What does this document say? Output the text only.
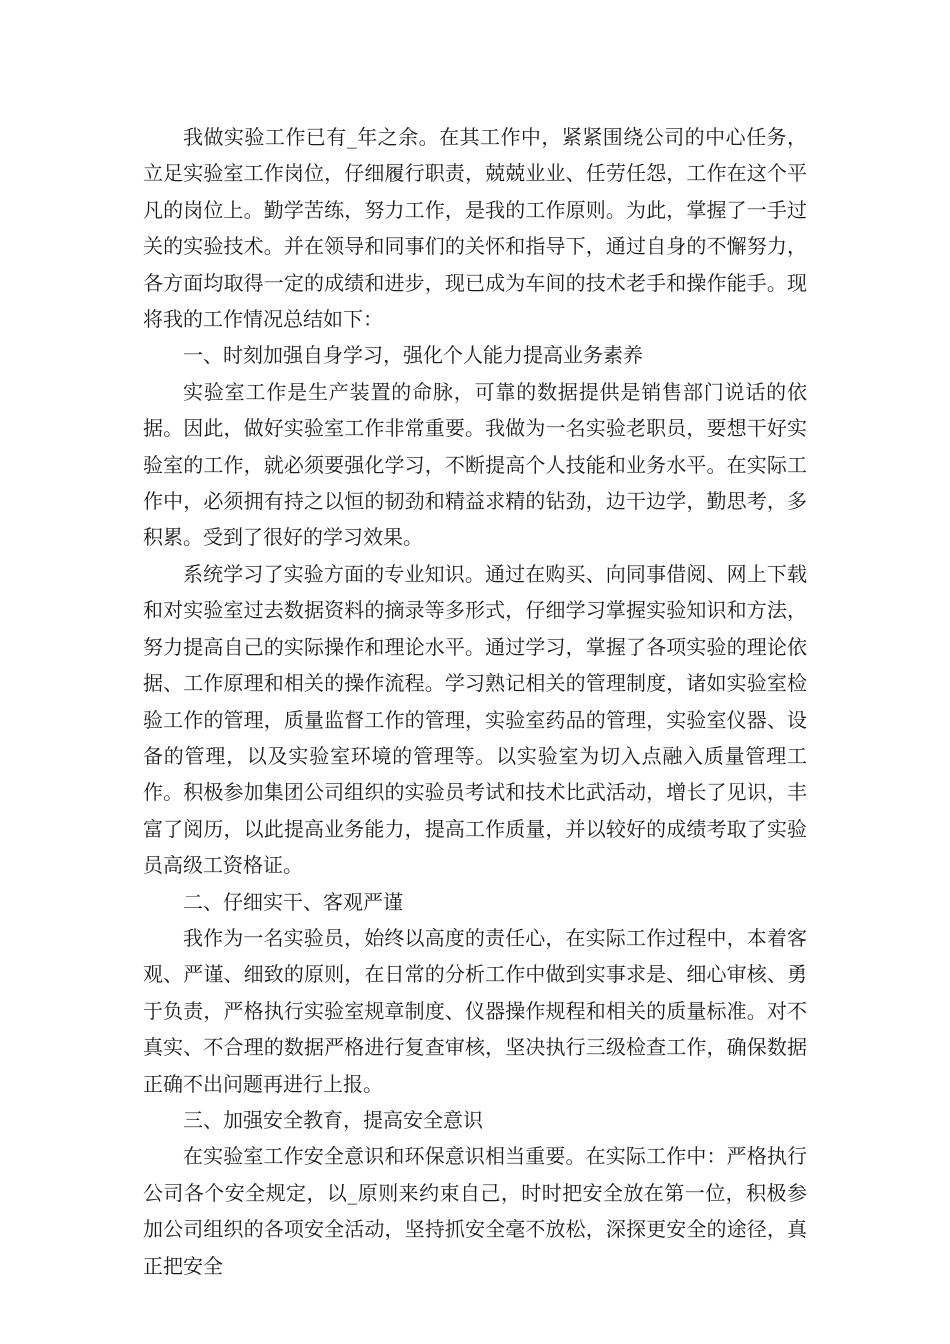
我做实验工作已有_年之余。在其工作中，紧紧围绕公司的中心任务，立足实验室工作岗位，仔细履行职责，兢兢业业、任劳任怨，工作在这个平凡的岗位上。勤学苦练，努力工作，是我的工作原则。为此，掌握了一手过关的实验技术。并在领导和同事们的关怀和指导下，通过自身的不懈努力，各方面均取得一定的成绩和进步，现已成为车间的技术老手和操作能手。现将我的工作情况总结如下：

一、时刻加强自身学习，强化个人能力提高业务素养

实验室工作是生产装置的命脉，可靠的数据提供是销售部门说话的依据。因此，做好实验室工作非常重要。我做为一名实验老职员，要想干好实验室的工作，就必须要强化学习，不断提高个人技能和业务水平。在实际工作中，必须拥有持之以恒的韧劲和精益求精的钻劲，边干边学，勤思考，多积累。受到了很好的学习效果。

系统学习了实验方面的专业知识。通过在购买、向同事借阅、网上下载和对实验室过去数据资料的摘录等多形式，仔细学习掌握实验知识和方法，努力提高自己的实际操作和理论水平。通过学习，掌握了各项实验的理论依据、工作原理和相关的操作流程。学习熟记相关的管理制度，诸如实验室检验工作的管理，质量监督工作的管理，实验室药品的管理，实验室仪器、设备的管理，以及实验室环境的管理等。以实验室为切入点融入质量管理工作。积极参加集团公司组织的实验员考试和技术比武活动，增长了见识，丰富了阅历，以此提高业务能力，提高工作质量，并以较好的成绩考取了实验员高级工资格证。

二、仔细实干、客观严谨

我作为一名实验员，始终以高度的责任心，在实际工作过程中，本着客观、严谨、细致的原则，在日常的分析工作中做到实事求是、细心审核、勇于负责，严格执行实验室规章制度、仪器操作规程和相关的质量标准。对不真实、不合理的数据严格进行复查审核，坚决执行三级检查工作，确保数据正确不出问题再进行上报。

三、加强安全教育，提高安全意识

在实验室工作安全意识和环保意识相当重要。在实际工作中：严格执行公司各个安全规定，以_原则来约束自己，时时把安全放在第一位，积极参加公司组织的各项安全活动，坚持抓安全毫不放松，深探更安全的途径，真正把安全
